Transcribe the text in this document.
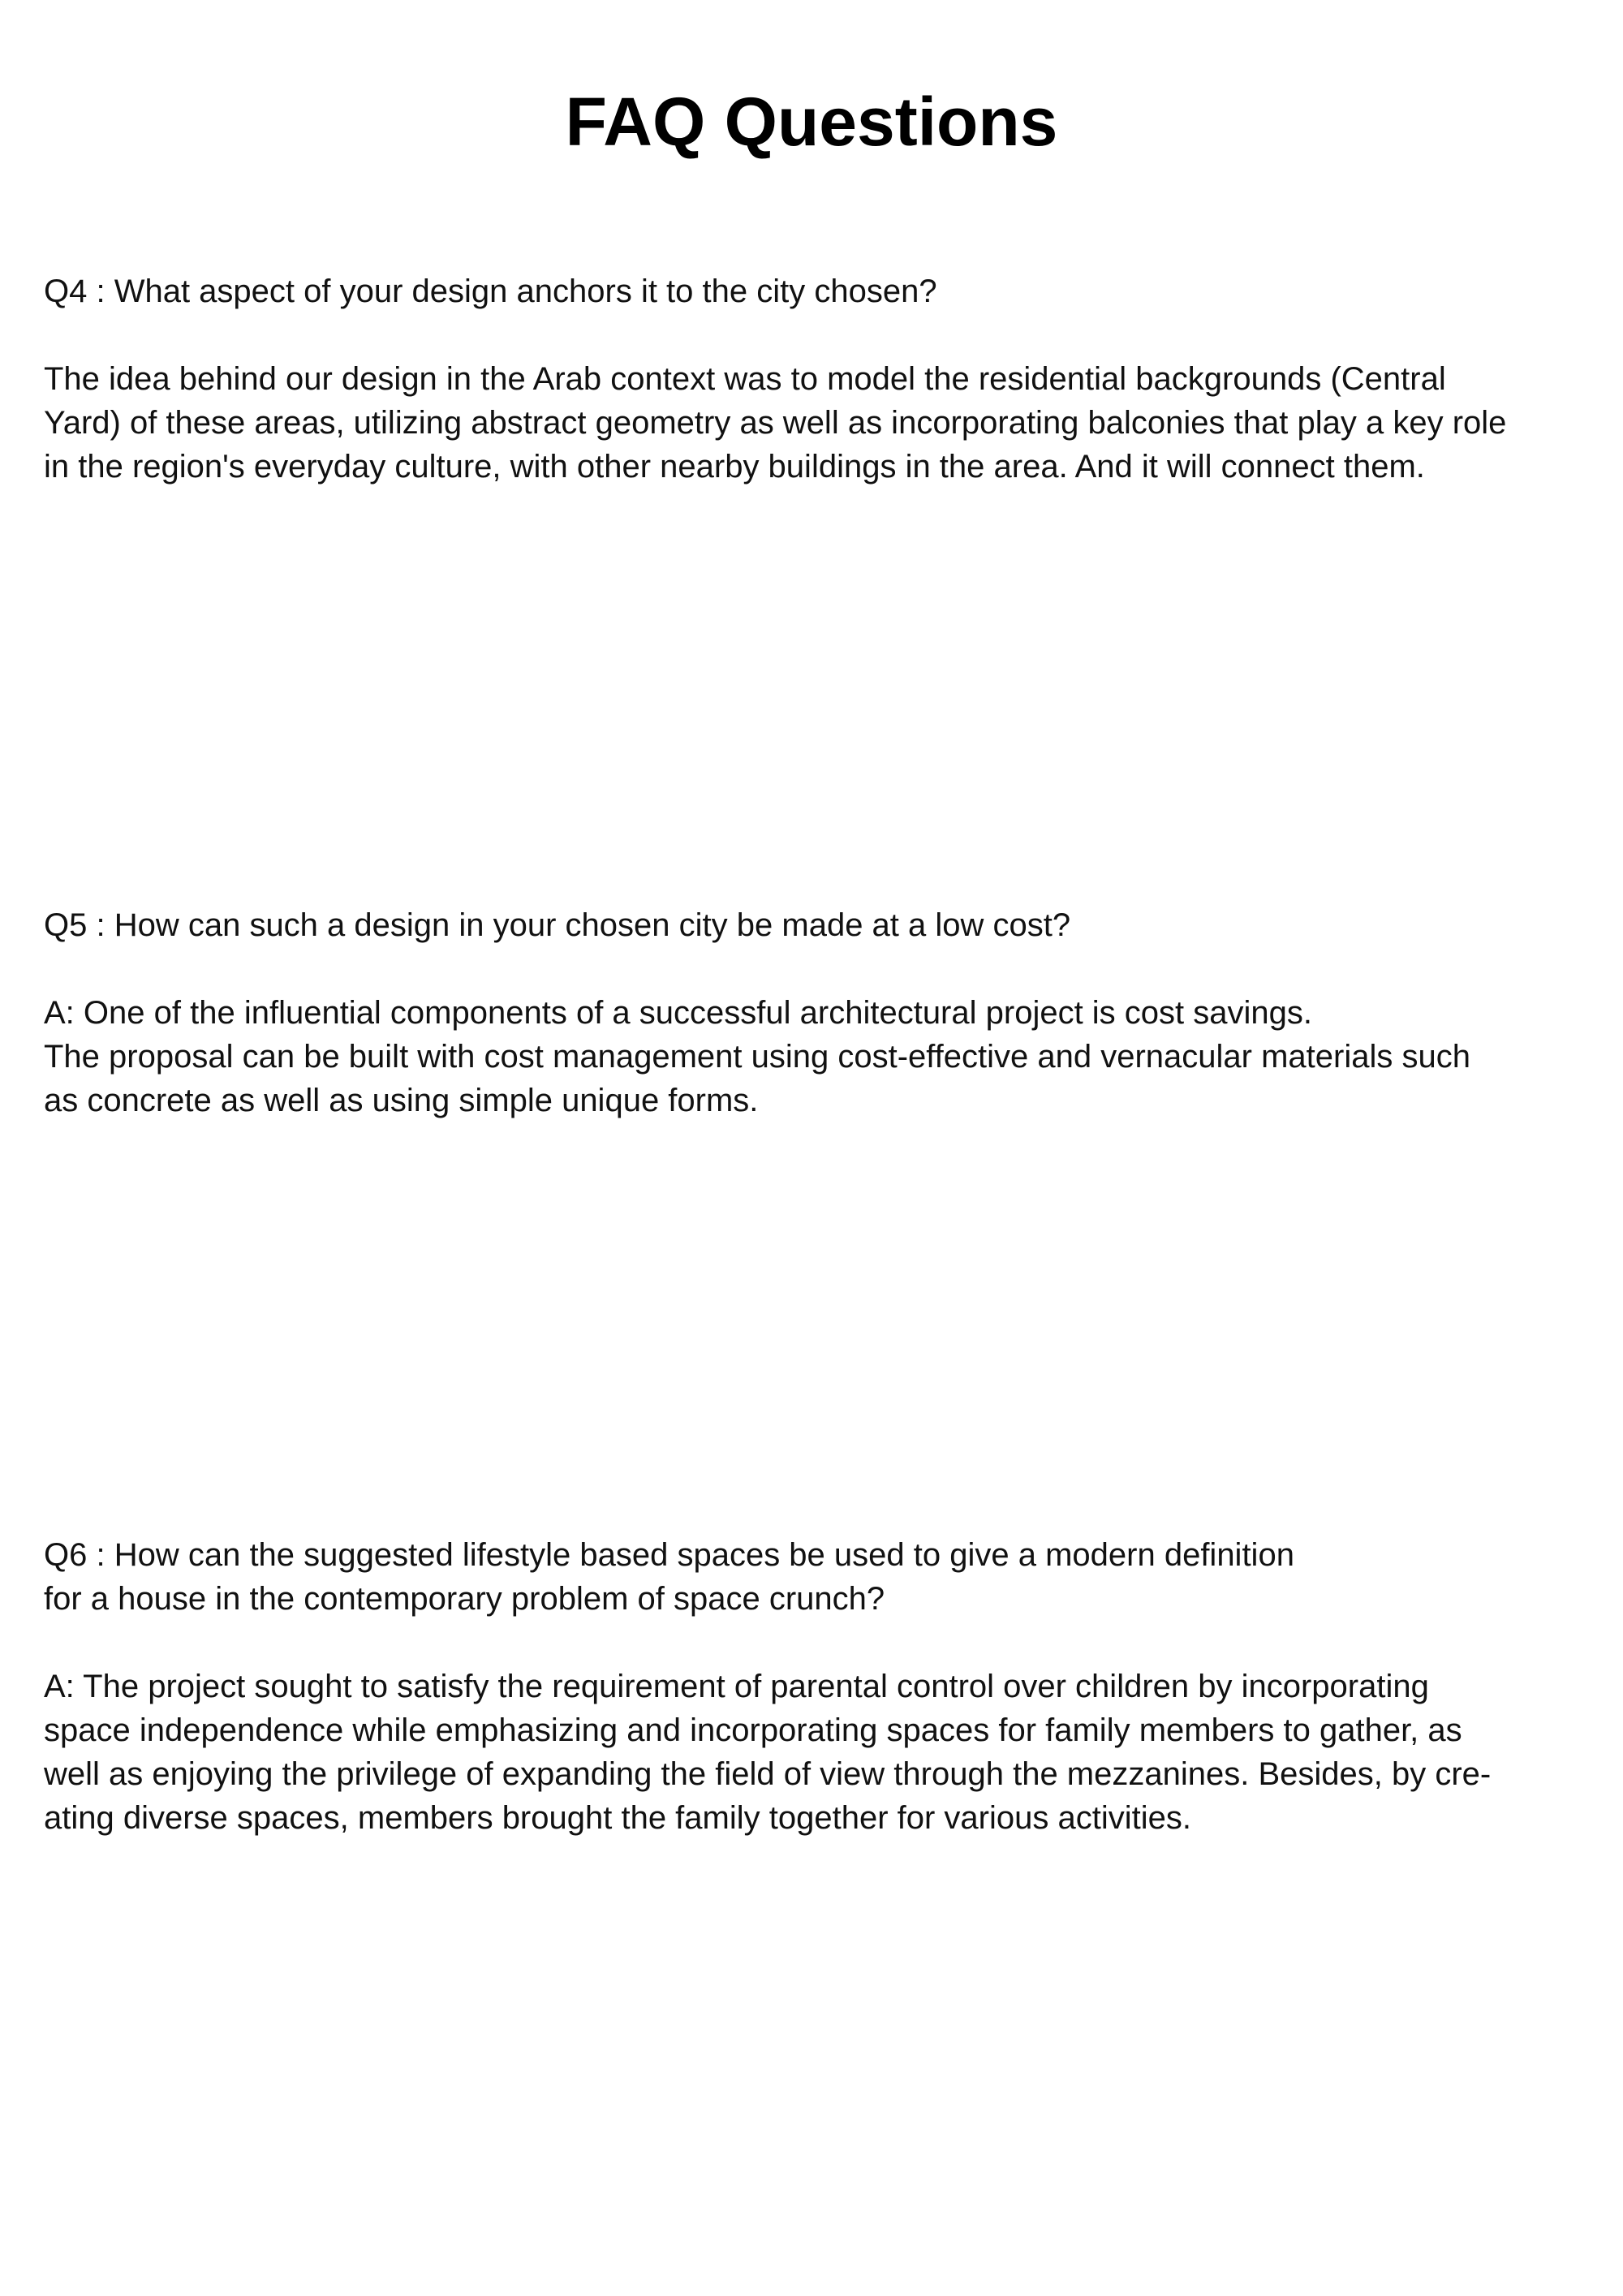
FAQ Questions

Q4 : What aspect of your design anchors it to the city chosen?

The idea behind our design in the Arab context was to model the residential backgrounds (Central
Yard) of these areas, utilizing abstract geometry as well as incorporating balconies that play a key role
in the region's everyday culture, with other nearby buildings in the area. And it will connect them.

Q5 : How can such a design in your chosen city be made at a low cost?

A: One of the influential components of a successful architectural project is cost savings.
The proposal can be built with cost management using cost-effective and vernacular materials such
as concrete as well as using simple unique forms.

Q6 : How can the suggested lifestyle based spaces be used to give a modern definition
for a house in the contemporary problem of space crunch?

A: The project sought to satisfy the requirement of parental control over children by incorporating
space independence while emphasizing and incorporating spaces for family members to gather, as
well as enjoying the privilege of expanding the field of view through the mezzanines. Besides, by cre-
ating diverse spaces, members brought the family together for various activities.
